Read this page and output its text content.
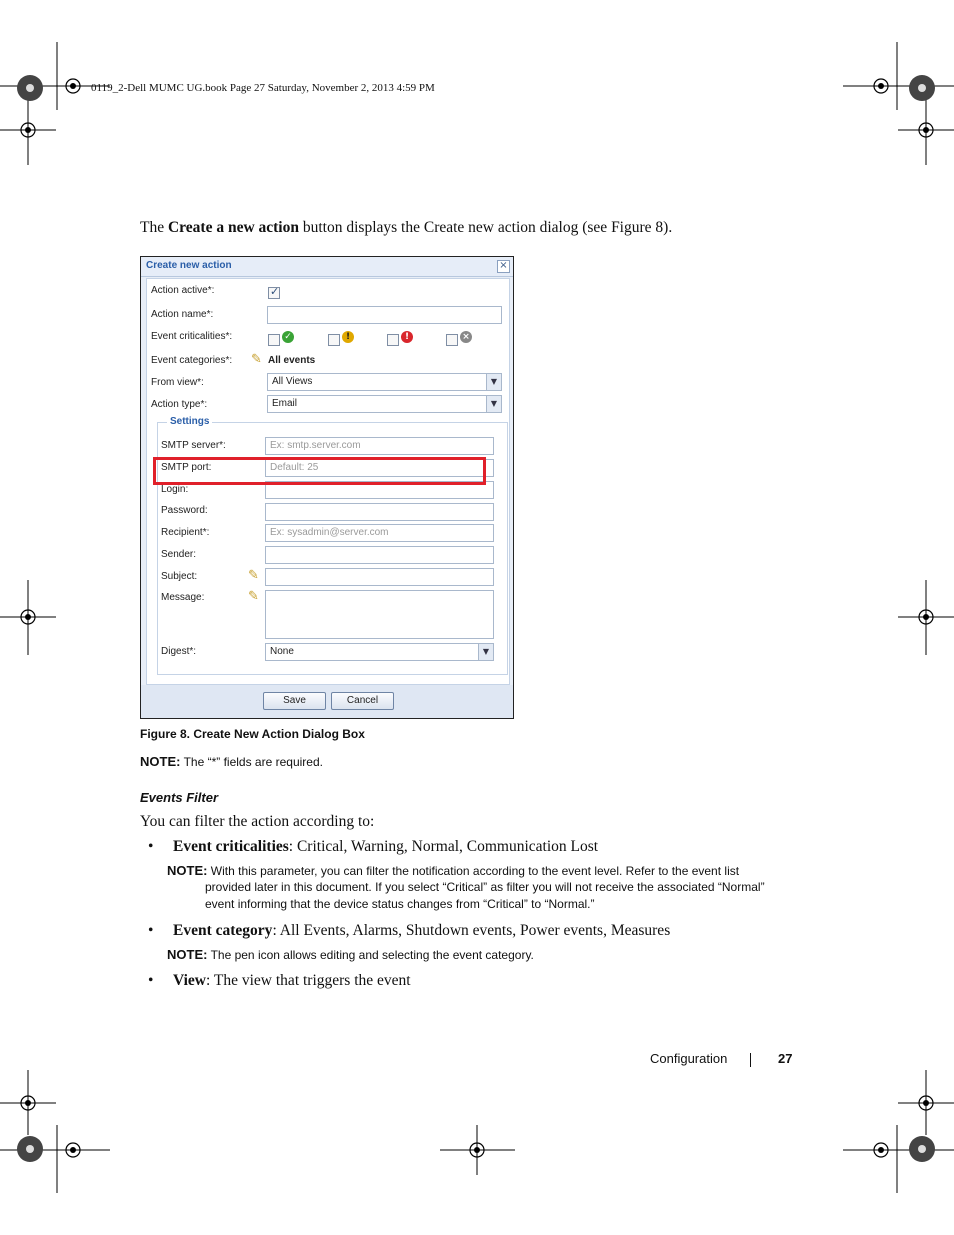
0119_2-Dell MUMC UG.book Page 27 Saturday, November 2, 2013 4:59 PM
The Create a new action button displays the Create new action dialog (see Figure 8).
Create new action	×
Action active*:	✓
Action name*:
Event criticalities*:	✓	!	!	×
Event categories*: ✎ All events
From view*:	All Views	▼
Action type*:	Email	▼
Settings
SMTP server*:	Ex: smtp.server.com
SMTP port:	Default: 25
Login:
Password:
Recipient*:	Ex: sysadmin@server.com
Sender:
Subject:	✎
Message:	✎
Digest*:	None	▼
Save	Cancel
Figure 8. Create New Action Dialog Box
NOTE: The “*” fields are required.
Events Filter
You can filter the action according to:
• Event criticalities: Critical, Warning, Normal, Communication Lost
NOTE: With this parameter, you can filter the notification according to the event level. Refer to the event list
provided later in this document. If you select “Critical” as filter you will not receive the associated “Normal”
event informing that the device status changes from “Critical” to “Normal.”
• Event category: All Events, Alarms, Shutdown events, Power events, Measures
NOTE: The pen icon allows editing and selecting the event category.
• View: The view that triggers the event
Configuration	27
